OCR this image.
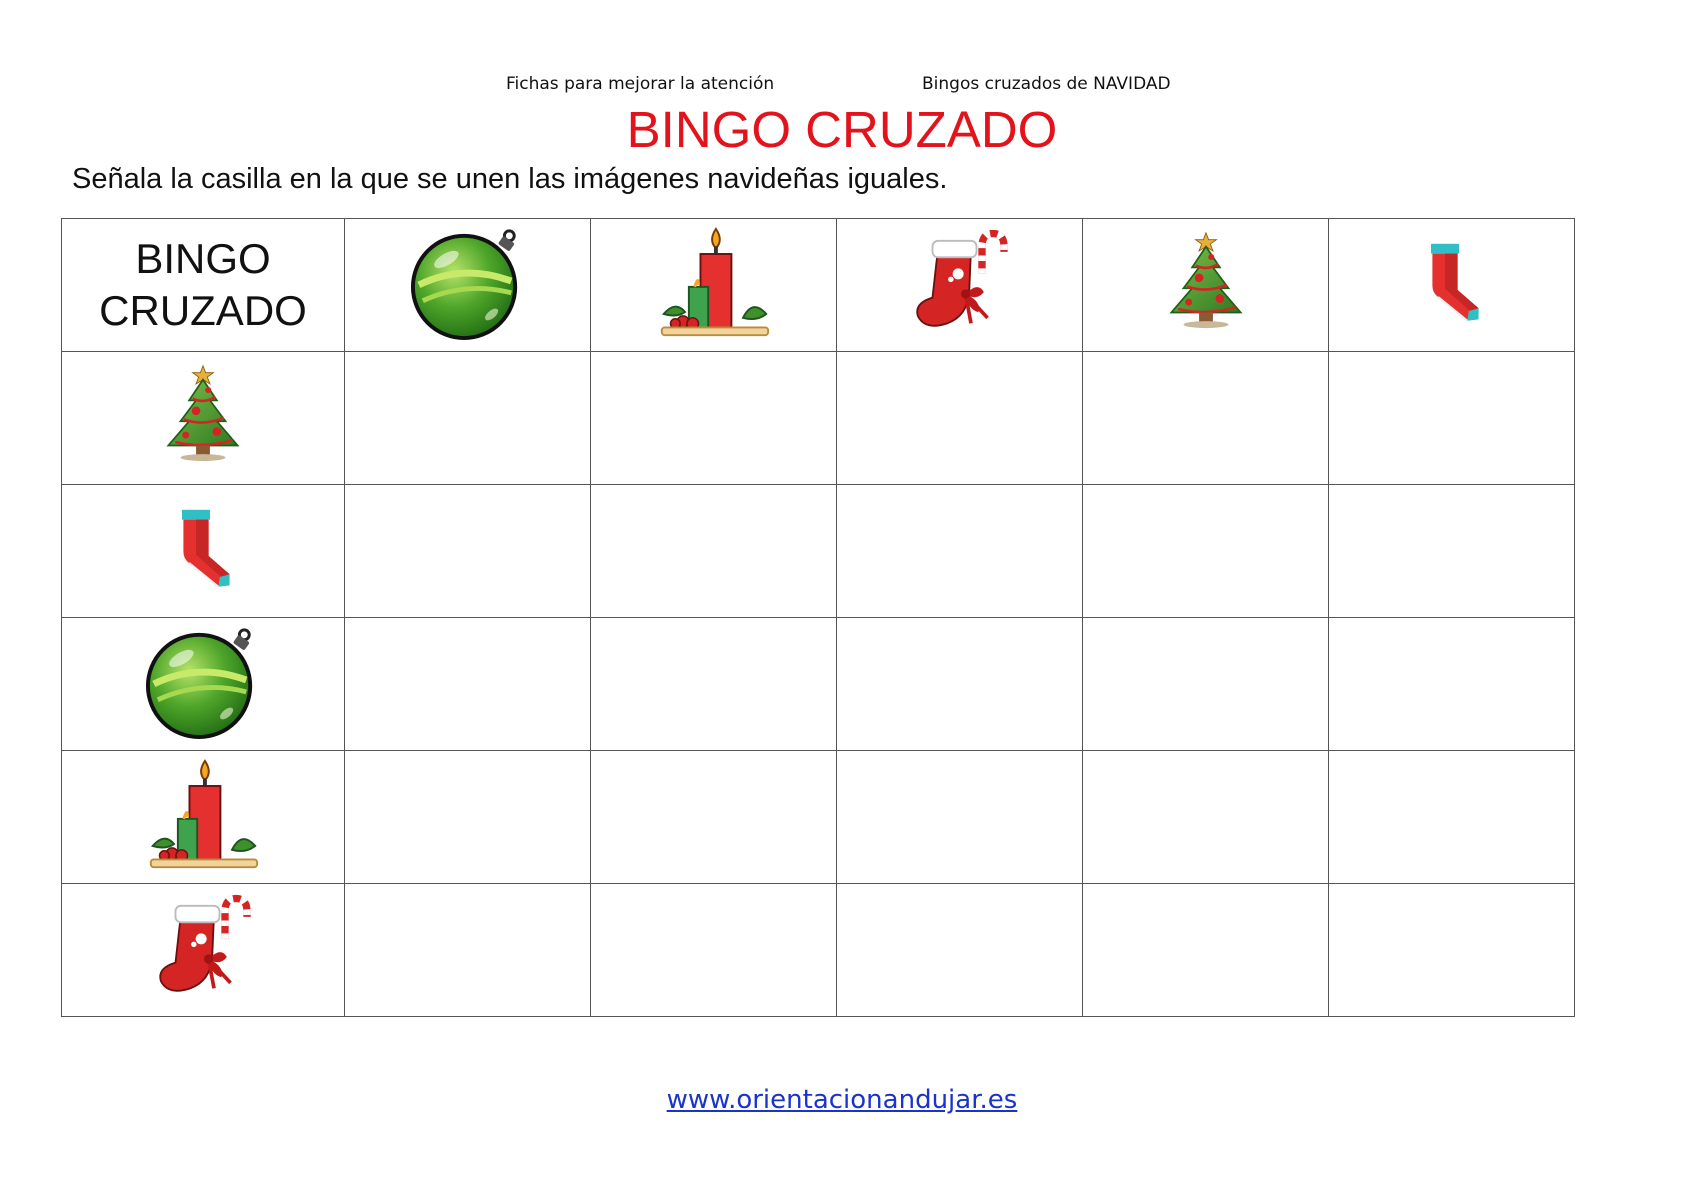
Fichas para mejorar la atención	Bingos cruzados de NAVIDAD
BINGO CRUZADO
Señala la casilla en la que se unen las imágenes navideñas iguales.
BINGO
CRUZADO

www.orientacionandujar.es
